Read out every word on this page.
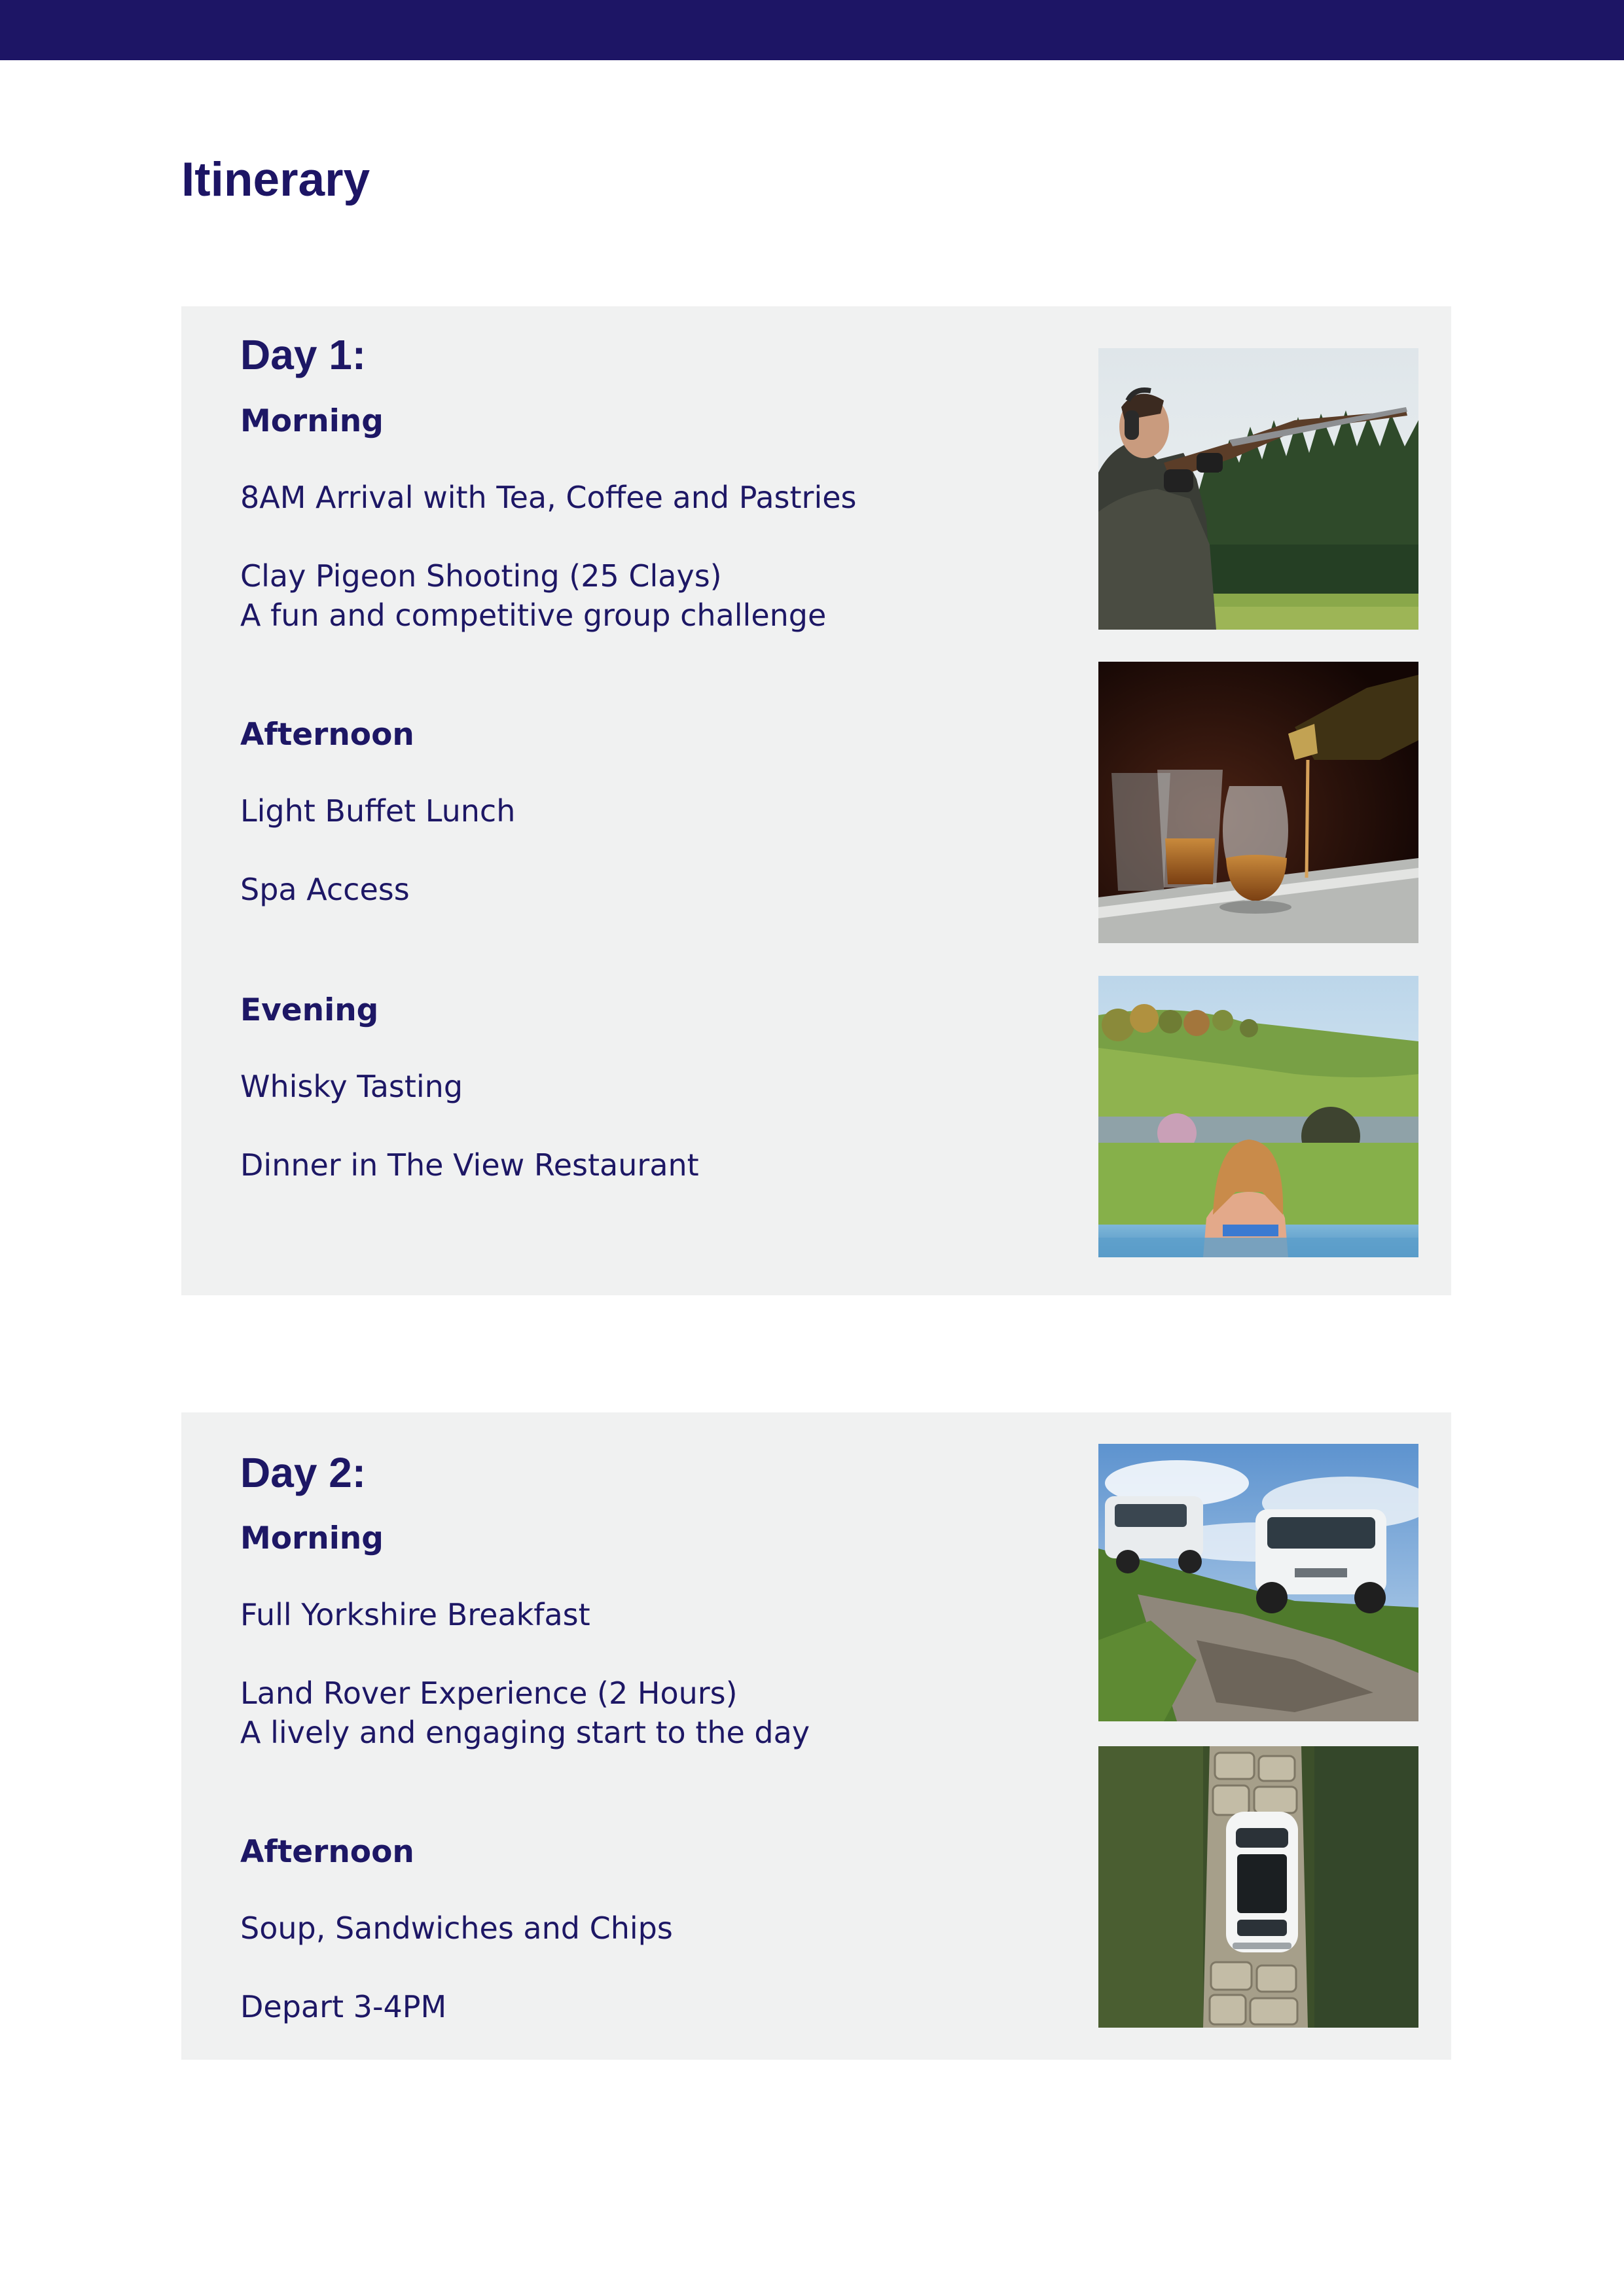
Itinerary
Day 1:
Morning
8AM Arrival with Tea, Coffee and Pastries
Clay Pigeon Shooting (25 Clays)
A fun and competitive group challenge
Afternoon
Light Buffet Lunch
Spa Access
Evening
Whisky Tasting
Dinner in The View Restaurant
Day 2:
Morning
Full Yorkshire Breakfast
Land Rover Experience (2 Hours)
A lively and engaging start to the day
Afternoon
Soup, Sandwiches and Chips
Depart 3-4PM
